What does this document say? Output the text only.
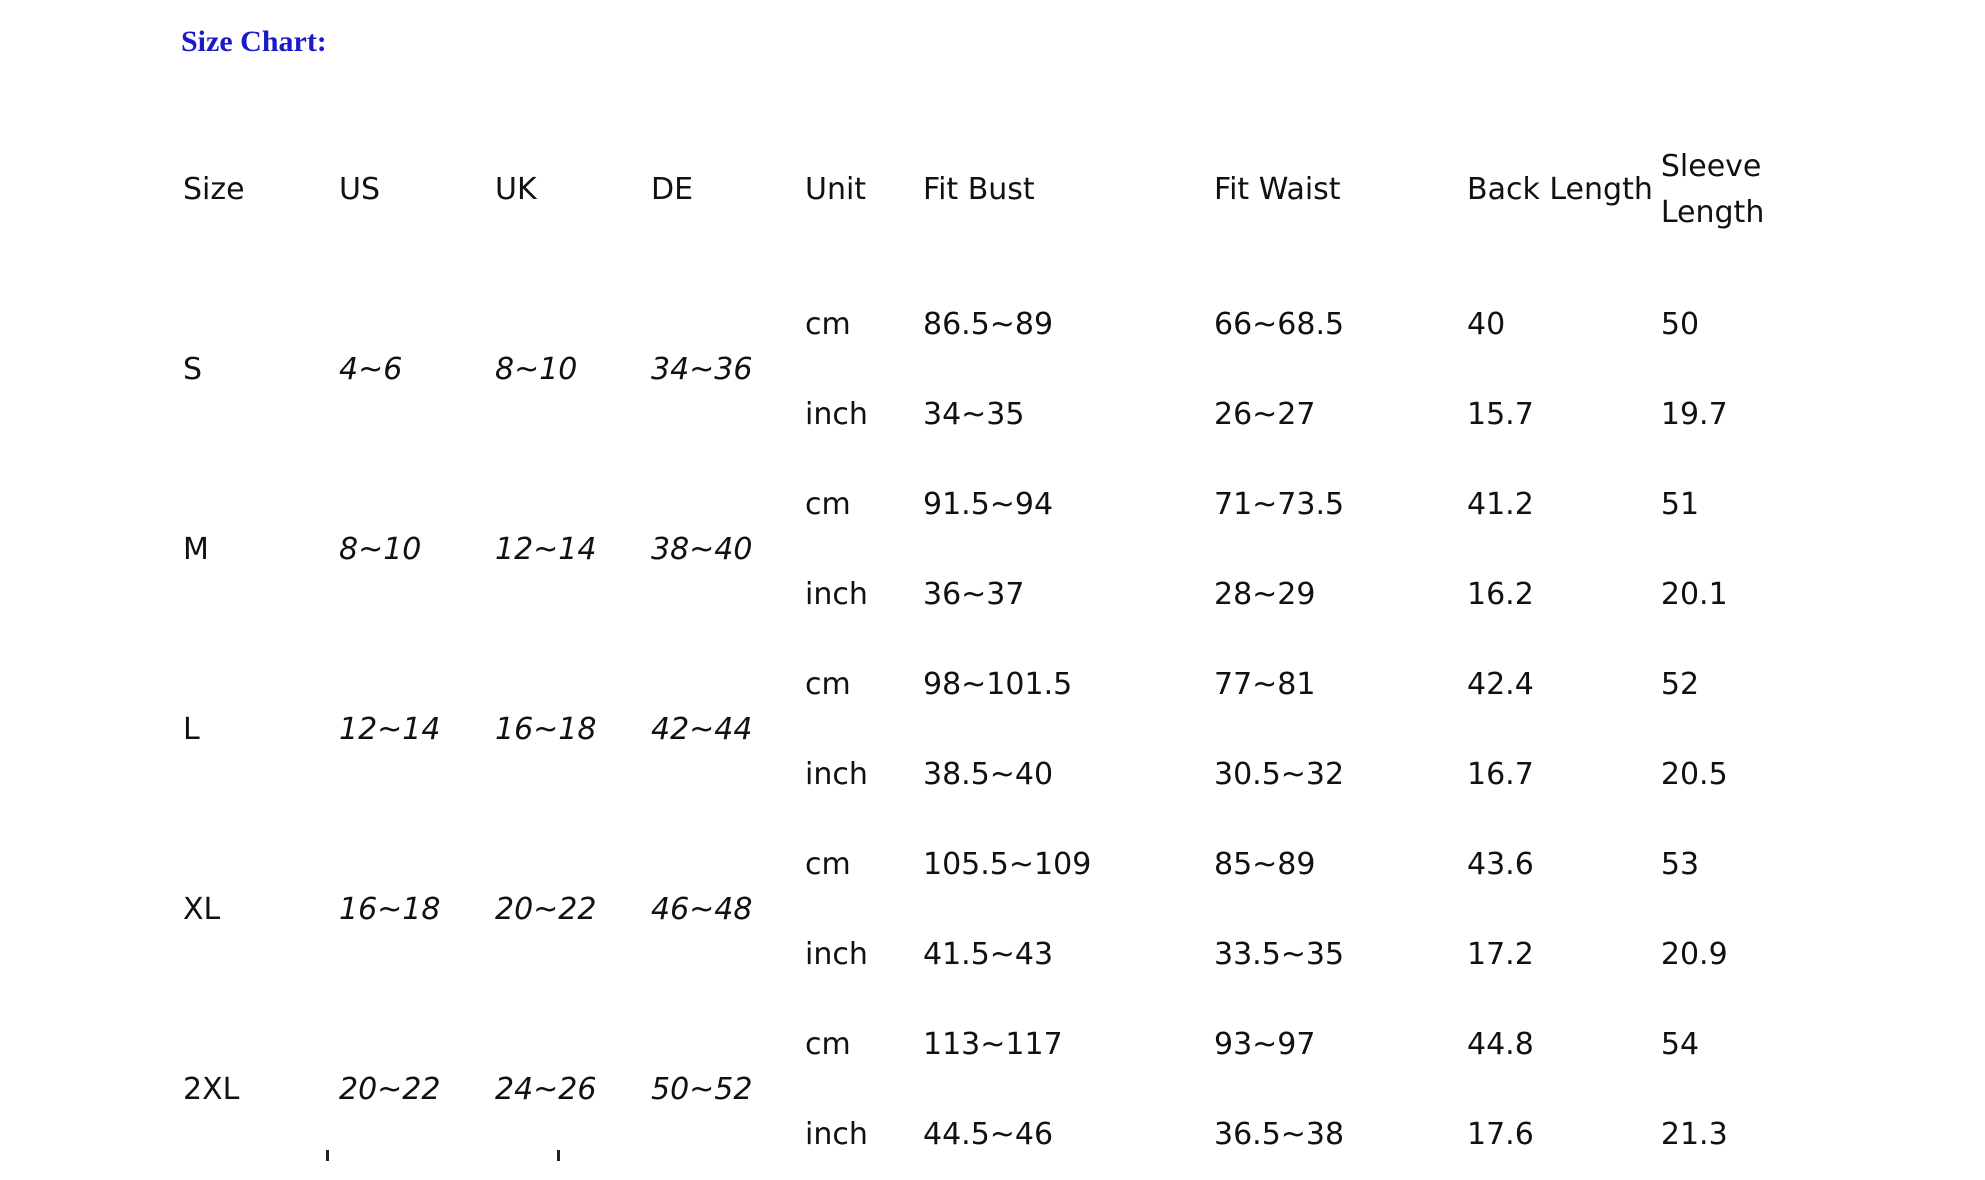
Size Chart:
Size	US	UK	DE	Unit	Fit Bust	Fit Waist	Back Length	Sleeve Length
S	4~6	8~10	34~36	cm	86.5~89	66~68.5	40	50
				inch	34~35	26~27	15.7	19.7
M	8~10	12~14	38~40	cm	91.5~94	71~73.5	41.2	51
				inch	36~37	28~29	16.2	20.1
L	12~14	16~18	42~44	cm	98~101.5	77~81	42.4	52
				inch	38.5~40	30.5~32	16.7	20.5
XL	16~18	20~22	46~48	cm	105.5~109	85~89	43.6	53
				inch	41.5~43	33.5~35	17.2	20.9
2XL	20~22	24~26	50~52	cm	113~117	93~97	44.8	54
				inch	44.5~46	36.5~38	17.6	21.3
